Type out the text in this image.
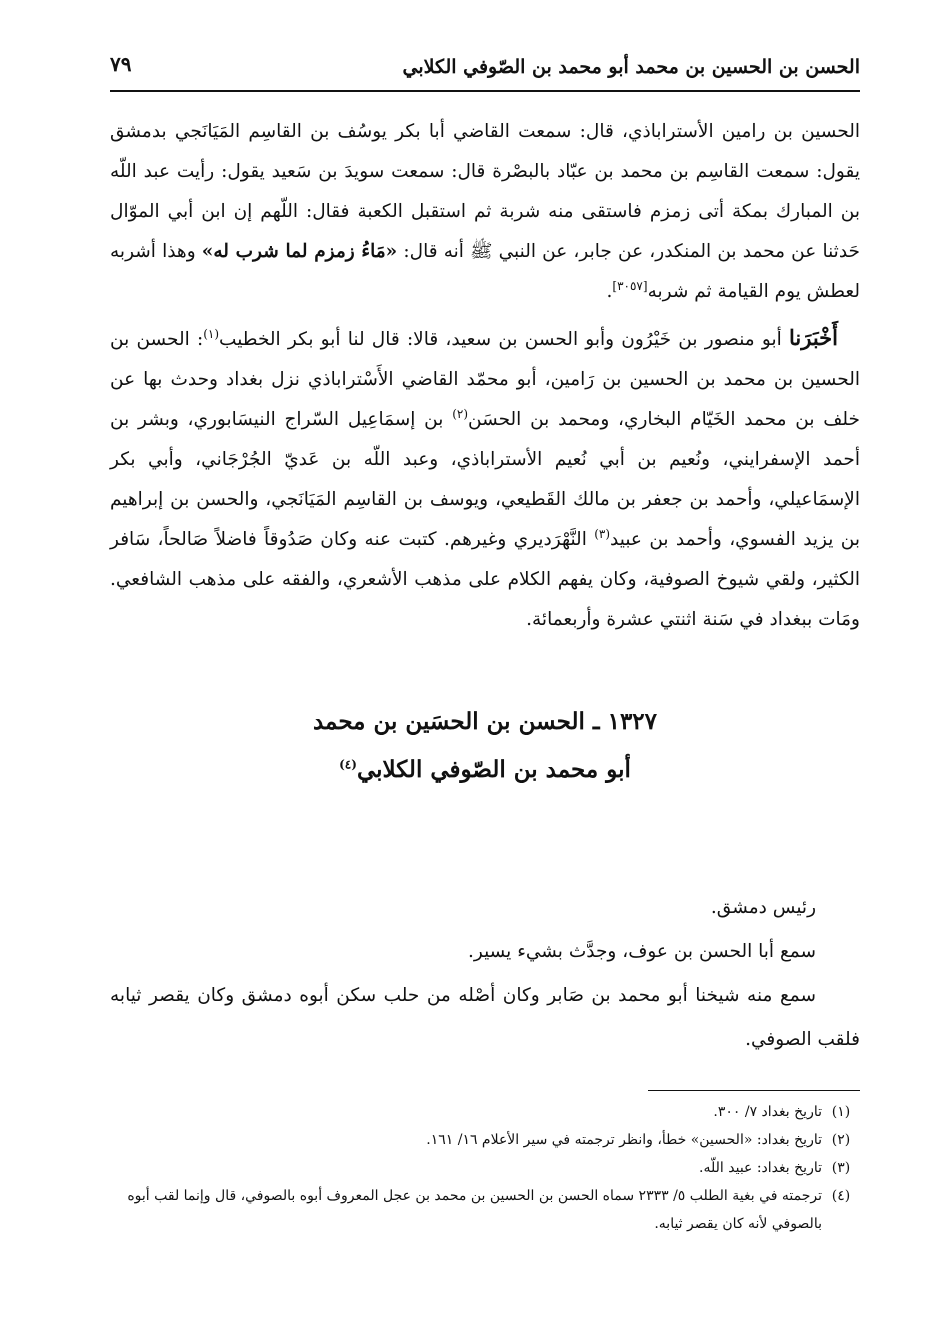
الحسن بن الحسين بن محمد أبو محمد بن الصّوفي الكلابي
٧٩

الحسين بن رامين الأستراباذي، قال: سمعت القاضي أبا بكر يوسُف بن القاسِم المَيَانَجي بدمشق يقول: سمعت القاسِم بن محمد بن عبّاد بالبصْرة قال: سمعت سويدَ بن سَعيد يقول: رأيت عبد اللّه بن المبارك بمكة أتى زمزم فاستقى منه شربة ثم استقبل الكعبة فقال: اللّهم إن ابن أبي الموّال حَدثنا عن محمد بن المنكدر، عن جابر، عن النبي ﷺ أنه قال: «مَاءُ زمزم لما شرب له» وهذا أشربه لعطش يوم القيامة ثم شربه[٣٠٥٧].

أَخْبَرَنا أبو منصور بن خَيْرُون وأبو الحسن بن سعيد، قالا: قال لنا أبو بكر الخطيب$^{(١)}$: الحسن بن الحسين بن محمد بن الحسين بن رَامين، أبو محمّد القاضي الأَسْتراباذي نزل بغداد وحدث بها عن خلف بن محمد الخَيّام البخاري، ومحمد بن الحسَن$^{(٢)}$ بن إسمَاعِيل السّراج النيسَابوري، وبشر بن أحمد الإسفرايني، ونُعيم بن أبي نُعيم الأستراباذي، وعبد اللّه بن عَديّ الجُرْجَاني، وأبي بكر الإسمَاعيلي، وأحمد بن جعفر بن مالك القَطيعي، ويوسف بن القاسِم المَيَانَجي، والحسن بن إبراهيم بن يزيد الفسوي، وأحمد بن عبيد$^{(٣)}$ النَّهْرَديري وغيرهم. كتبت عنه وكان صَدُوقاً فاضلاً صَالحاً، سَافر الكثير، ولقي شيوخ الصوفية، وكان يفهم الكلام على مذهب الأشعري، والفقه على مذهب الشافعي. ومَات ببغداد في سَنة اثنتي عشرة وأربعمائة.

١٣٢٧ ـ الحسن بن الحسَين بن محمد
أبو محمد بن الصّوفي الكلابي$^{(٤)}$

رئيس دمشق.

سمع أبا الحسن بن عوف، وجدَّث بشيء يسير.

سمع منه شيخنا أبو محمد بن صَابر وكان أصْله من حلب سكن أبوه دمشق وكان يقصر ثيابه فلقب الصوفي.

(١)
تاريخ بغداد ٧/ ٣٠٠.
(٢)
تاريخ بغداد: «الحسين» خطأ، وانظر ترجمته في سير الأعلام ١٦/ ١٦١.
(٣)
تاريخ بغداد: عبيد اللّه.
(٤)
ترجمته في بغية الطلب ٥/ ٢٣٣٣ سماه الحسن بن الحسين بن محمد بن عجل المعروف أبوه بالصوفي، قال وإنما لقب أبوه بالصوفي لأنه كان يقصر ثيابه.
